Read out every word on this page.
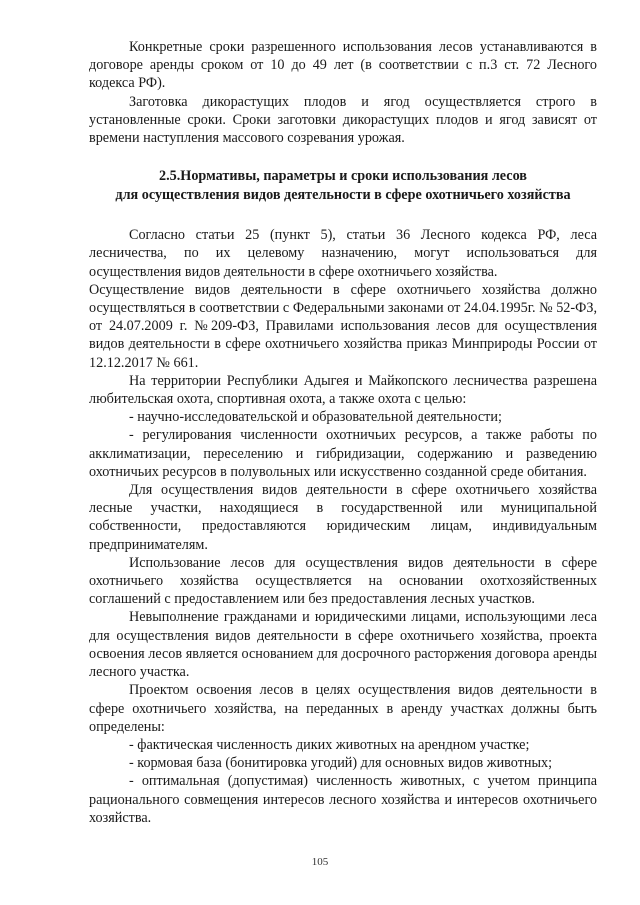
Конкретные сроки разрешенного использования лесов устанавливаются в договоре аренды сроком от 10 до 49 лет (в соответствии с п.3 ст. 72 Лесного кодекса РФ).

Заготовка дикорастущих плодов и ягод осуществляется строго в установленные сроки. Сроки заготовки дикорастущих плодов и ягод зависят от времени наступления массового созревания урожая.

2.5.Нормативы, параметры и сроки использования лесов
для осуществления видов деятельности в сфере охотничьего хозяйства

Согласно статьи 25 (пункт 5), статьи 36 Лесного кодекса РФ, леса лесничества, по их целевому назначению, могут использоваться для осуществления видов деятельности в сфере охотничьего хозяйства.

Осуществление видов деятельности в сфере охотничьего хозяйства должно осуществляться в соответствии с Федеральными законами от 24.04.1995г. № 52-ФЗ, от 24.07.2009 г. №209-ФЗ, Правилами использования лесов для осуществления видов деятельности в сфере охотничьего хозяйства приказ Минприроды России от 12.12.2017 № 661.

На территории Республики Адыгея и Майкопского лесничества разрешена любительская охота, спортивная охота, а также охота с целью:

- научно-исследовательской и образовательной деятельности;

- регулирования численности охотничьих ресурсов, а также работы по акклиматизации, переселению и гибридизации, содержанию и разведению охотничьих ресурсов в полувольных или искусственно созданной среде обитания.

Для осуществления видов деятельности в сфере охотничьего хозяйства лесные участки, находящиеся в государственной или муниципальной собственности, предоставляются юридическим лицам, индивидуальным предпринимателям.

Использование лесов для осуществления видов деятельности в сфере охотничьего хозяйства осуществляется на основании охотхозяйственных соглашений с предоставлением или без предоставления лесных участков.

Невыполнение гражданами и юридическими лицами, использующими леса для осуществления видов деятельности в сфере охотничьего хозяйства, проекта освоения лесов является основанием для досрочного расторжения договора аренды лесного участка.

Проектом освоения лесов в целях осуществления видов деятельности в сфере охотничьего хозяйства, на переданных в аренду участках должны быть определены:

- фактическая численность диких животных на арендном участке;

- кормовая база (бонитировка угодий) для основных видов животных;

- оптимальная (допустимая) численность животных, с учетом принципа рационального совмещения интересов лесного хозяйства и интересов охотничьего хозяйства.

105
